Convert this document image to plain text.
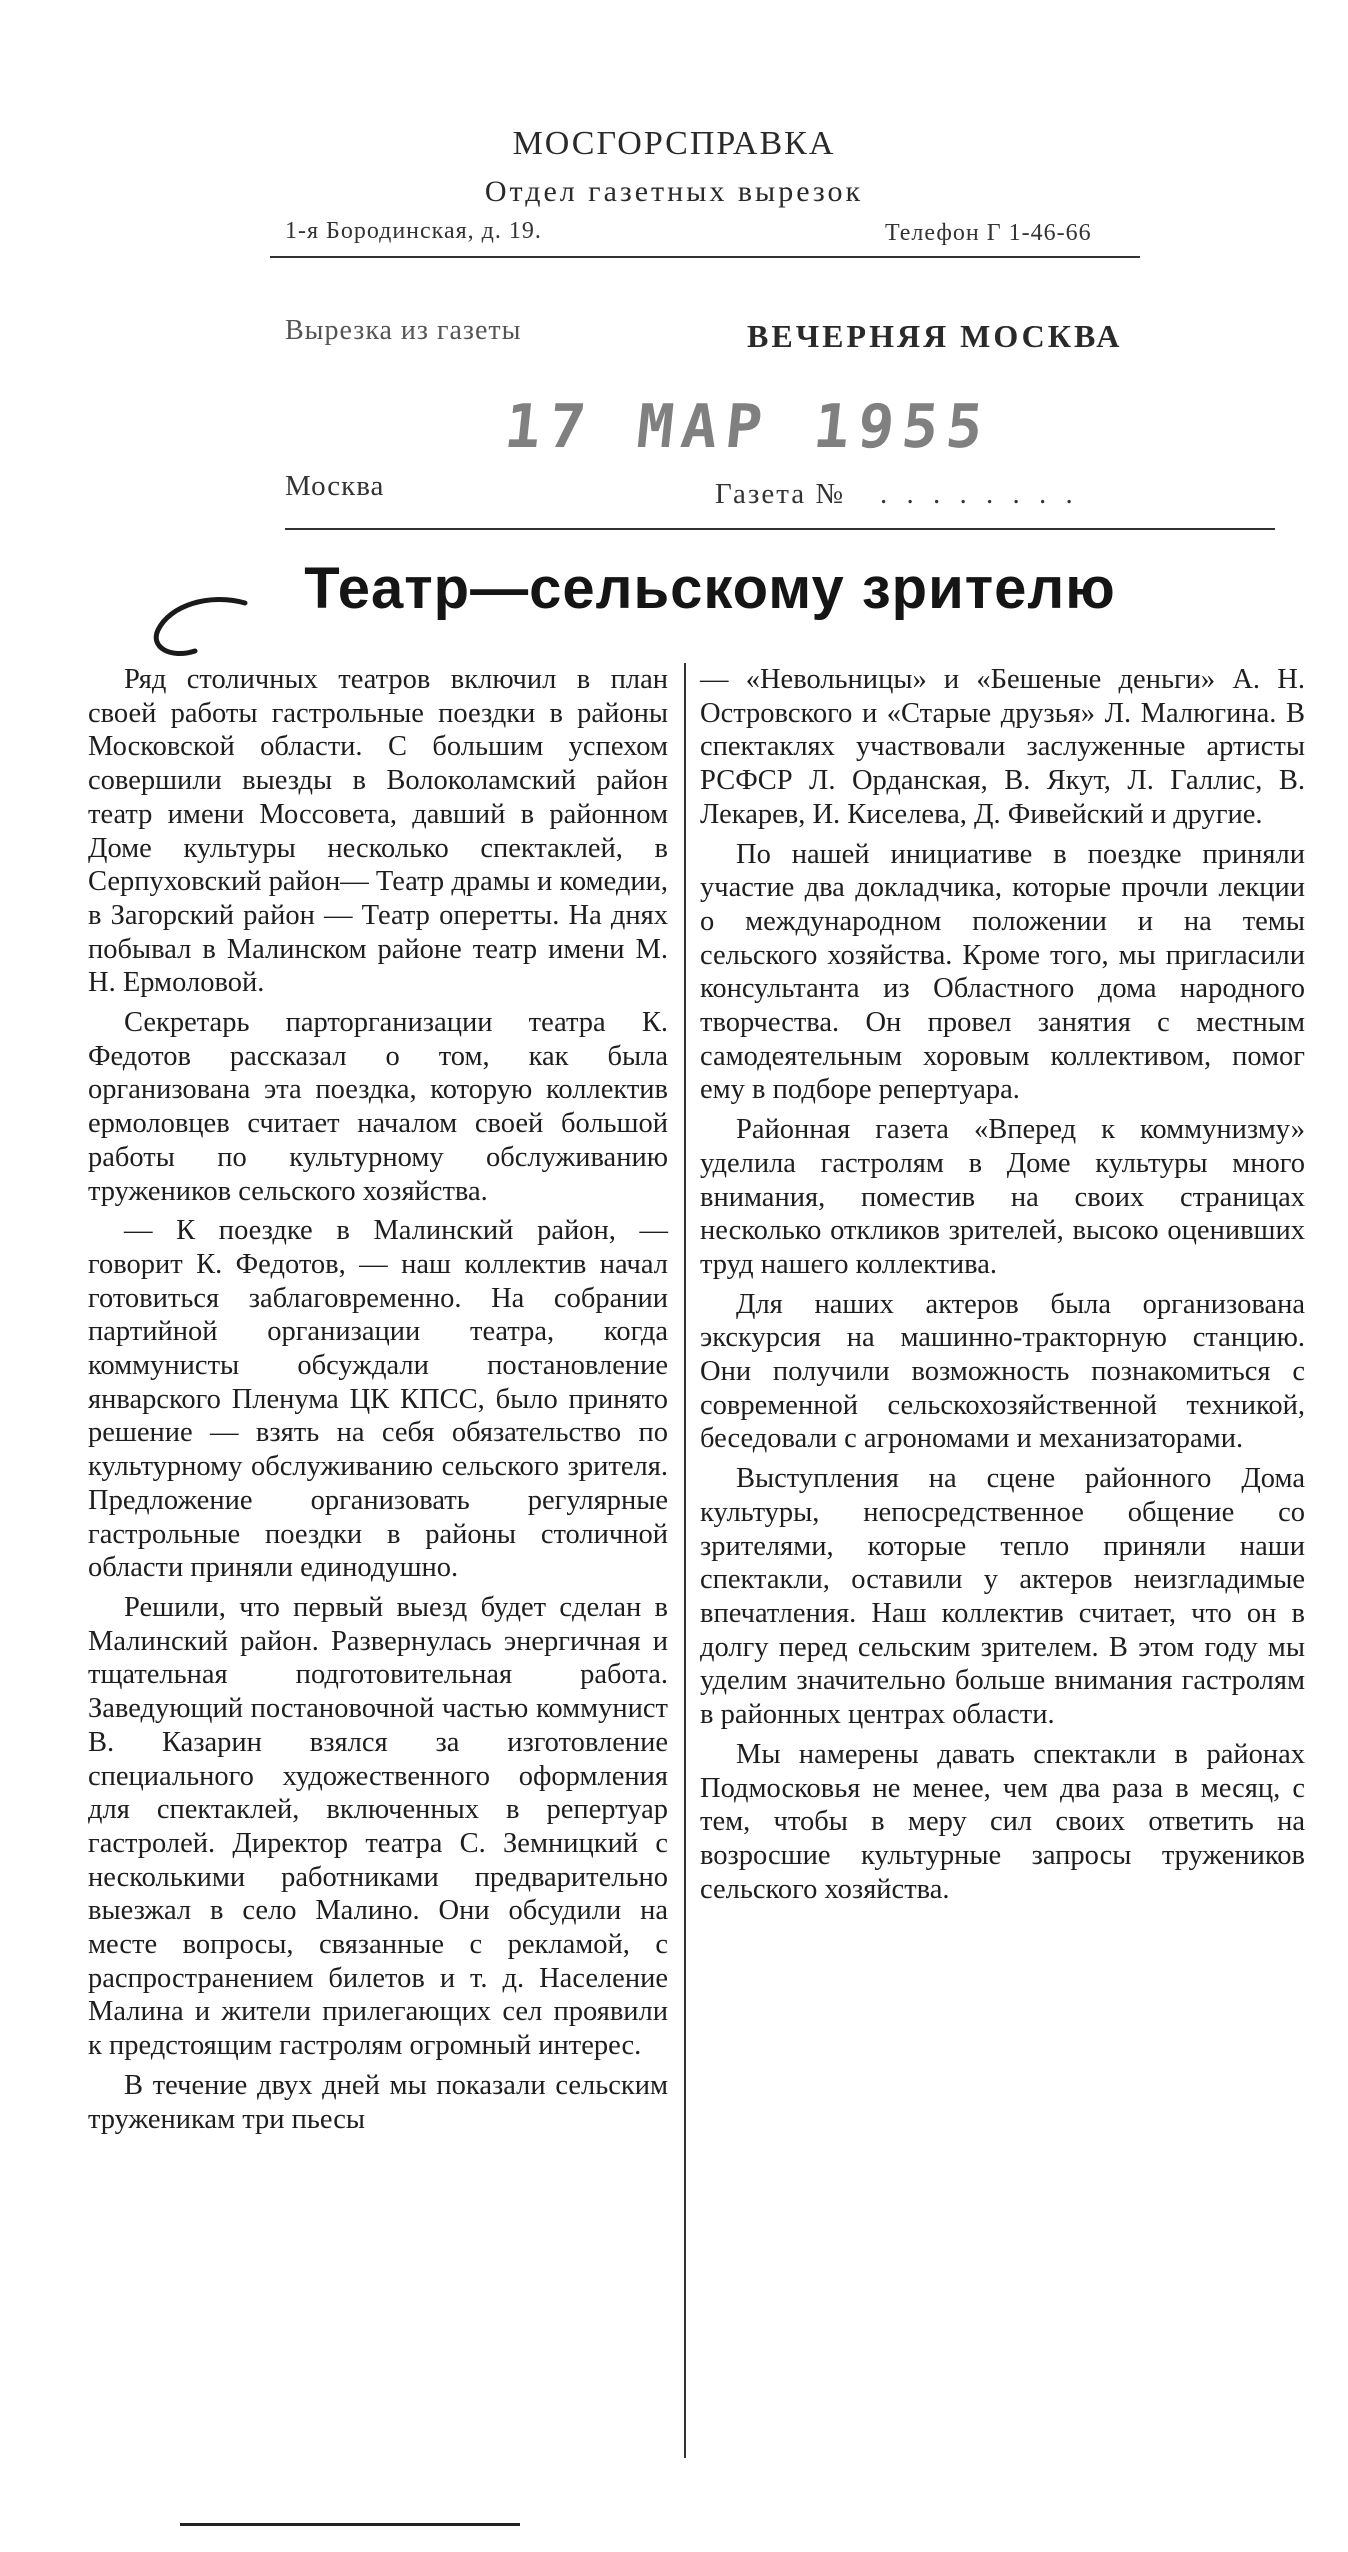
МОСГОРСПРАВКА
Отдел газетных вырезок
1-я Бородинская, д. 19.	Телефон Г 1-46-66
Вырезка из газеты	ВЕЧЕРНЯЯ МОСКВА
17 МАР 1955
Москва	Газета № . . . . . . . .
Театр—сельскому зрителю

Ряд столичных театров включил в план своей работы гастрольные поездки в районы Московской области. С большим успехом совершили выезды в Волоколамский район театр имени Моссовета, давший в районном Доме культуры несколько спектаклей, в Серпуховский район— Театр драмы и комедии, в Загорский район — Театр оперетты. На днях побывал в Малинском районе театр имени М. Н. Ермоловой.

Секретарь парторганизации театра К. Федотов рассказал о том, как была организована эта поездка, которую коллектив ермоловцев считает началом своей большой работы по культурному обслуживанию тружеников сельского хозяйства.

— К поездке в Малинский район, — говорит К. Федотов, — наш коллектив начал готовиться заблаговременно. На собрании партийной организации театра, когда коммунисты обсуждали постановление январского Пленума ЦК КПСС, было принято решение — взять на себя обязательство по культурному обслуживанию сельского зрителя. Предложение организовать регулярные гастрольные поездки в районы столичной области приняли единодушно.

Решили, что первый выезд будет сделан в Малинский район. Развернулась энергичная и тщательная подготовительная работа. Заведующий постановочной частью коммунист В. Казарин взялся за изготовление специального художественного оформления для спектаклей, включенных в репертуар гастролей. Директор театра С. Земницкий с несколькими работниками предварительно выезжал в село Малино. Они обсудили на месте вопросы, связанные с рекламой, с распространением билетов и т. д. Население Малина и жители прилегающих сел проявили к предстоящим гастролям огромный интерес.

В течение двух дней мы показали сельским труженикам три пьесы

— «Невольницы» и «Бешеные деньги» А. Н. Островского и «Старые друзья» Л. Малюгина. В спектаклях участвовали заслуженные артисты РСФСР Л. Орданская, В. Якут, Л. Галлис, В. Лекарев, И. Киселева, Д. Фивейский и другие.

По нашей инициативе в поездке приняли участие два докладчика, которые прочли лекции о международном положении и на темы сельского хозяйства. Кроме того, мы пригласили консультанта из Областного дома народного творчества. Он провел занятия с местным самодеятельным хоровым коллективом, помог ему в подборе репертуара.

Районная газета «Вперед к коммунизму» уделила гастролям в Доме культуры много внимания, поместив на своих страницах несколько откликов зрителей, высоко оценивших труд нашего коллектива.

Для наших актеров была организована экскурсия на машинно-тракторную станцию. Они получили возможность познакомиться с современной сельскохозяйственной техникой, беседовали с агрономами и механизаторами.

Выступления на сцене районного Дома культуры, непосредственное общение со зрителями, которые тепло приняли наши спектакли, оставили у актеров неизгладимые впечатления. Наш коллектив считает, что он в долгу перед сельским зрителем. В этом году мы уделим значительно больше внимания гастролям в районных центрах области.

Мы намерены давать спектакли в районах Подмосковья не менее, чем два раза в месяц, с тем, чтобы в меру сил своих ответить на возросшие культурные запросы тружеников сельского хозяйства.
